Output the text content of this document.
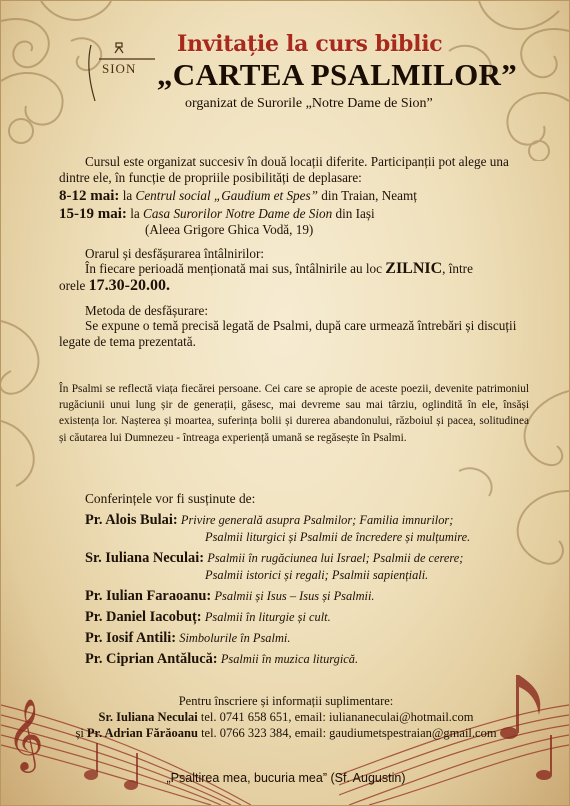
𝄞
SION
Invitație la curs biblic
„CARTEA PSALMILOR”
organizat de Surorile „Notre Dame de Sion”
Cursul este organizat succesiv în două locații diferite. Participanții pot alege una dintre ele, în funcție de propriile posibilități de deplasare:
8-12 mai: la Centrul social „Gaudium et Spes” din Traian, Neamț
15-19 mai: la Casa Surorilor Notre Dame de Sion din Iași
(Aleea Grigore Ghica Vodă, 19)
Orarul și desfășurarea întâlnirilor:
În fiecare perioadă menționată mai sus, întâlnirile au loc ZILNIC, între
orele 17.30-20.00.
Metoda de desfășurare:
Se expune o temă precisă legată de Psalmi, după care urmează întrebări și discuții legate de tema prezentată.
În Psalmi se reflectă viața fiecărei persoane. Cei care se apropie de aceste poezii, devenite patrimoniul rugăciunii unui lung șir de generații, găsesc, mai devreme sau mai târziu, oglindită în ele, însăși existența lor. Nașterea și moartea, suferința bolii și durerea abandonului, războiul și pacea, solitudinea și căutarea lui Dumnezeu - întreaga experiență umană se regăsește în Psalmi.
Conferințele vor fi susținute de:
Pr. Alois Bulai: Privire generală asupra Psalmilor; Familia imnurilor;
Psalmii liturgici și Psalmii de încredere și mulțumire.
Sr. Iuliana Neculai: Psalmii în rugăciunea lui Israel; Psalmii de cerere;
Psalmii istorici și regali; Psalmii sapiențiali.
Pr. Iulian Faraoanu: Psalmii și Isus – Isus și Psalmii.
Pr. Daniel Iacobuț: Psalmii în liturgie și cult.
Pr. Iosif Antili: Simbolurile în Psalmi.
Pr. Ciprian Antălucă: Psalmii în muzica liturgică.
Pentru înscriere și informații suplimentare:
Sr. Iuliana Neculai tel. 0741 658 651, email: iuliananeculai@hotmail.com
și Pr. Adrian Fărăoanu tel. 0766 323 384, email: gaudiumetspestraian@gmail.com
„Psaltirea mea, bucuria mea” (Sf. Augustin)
